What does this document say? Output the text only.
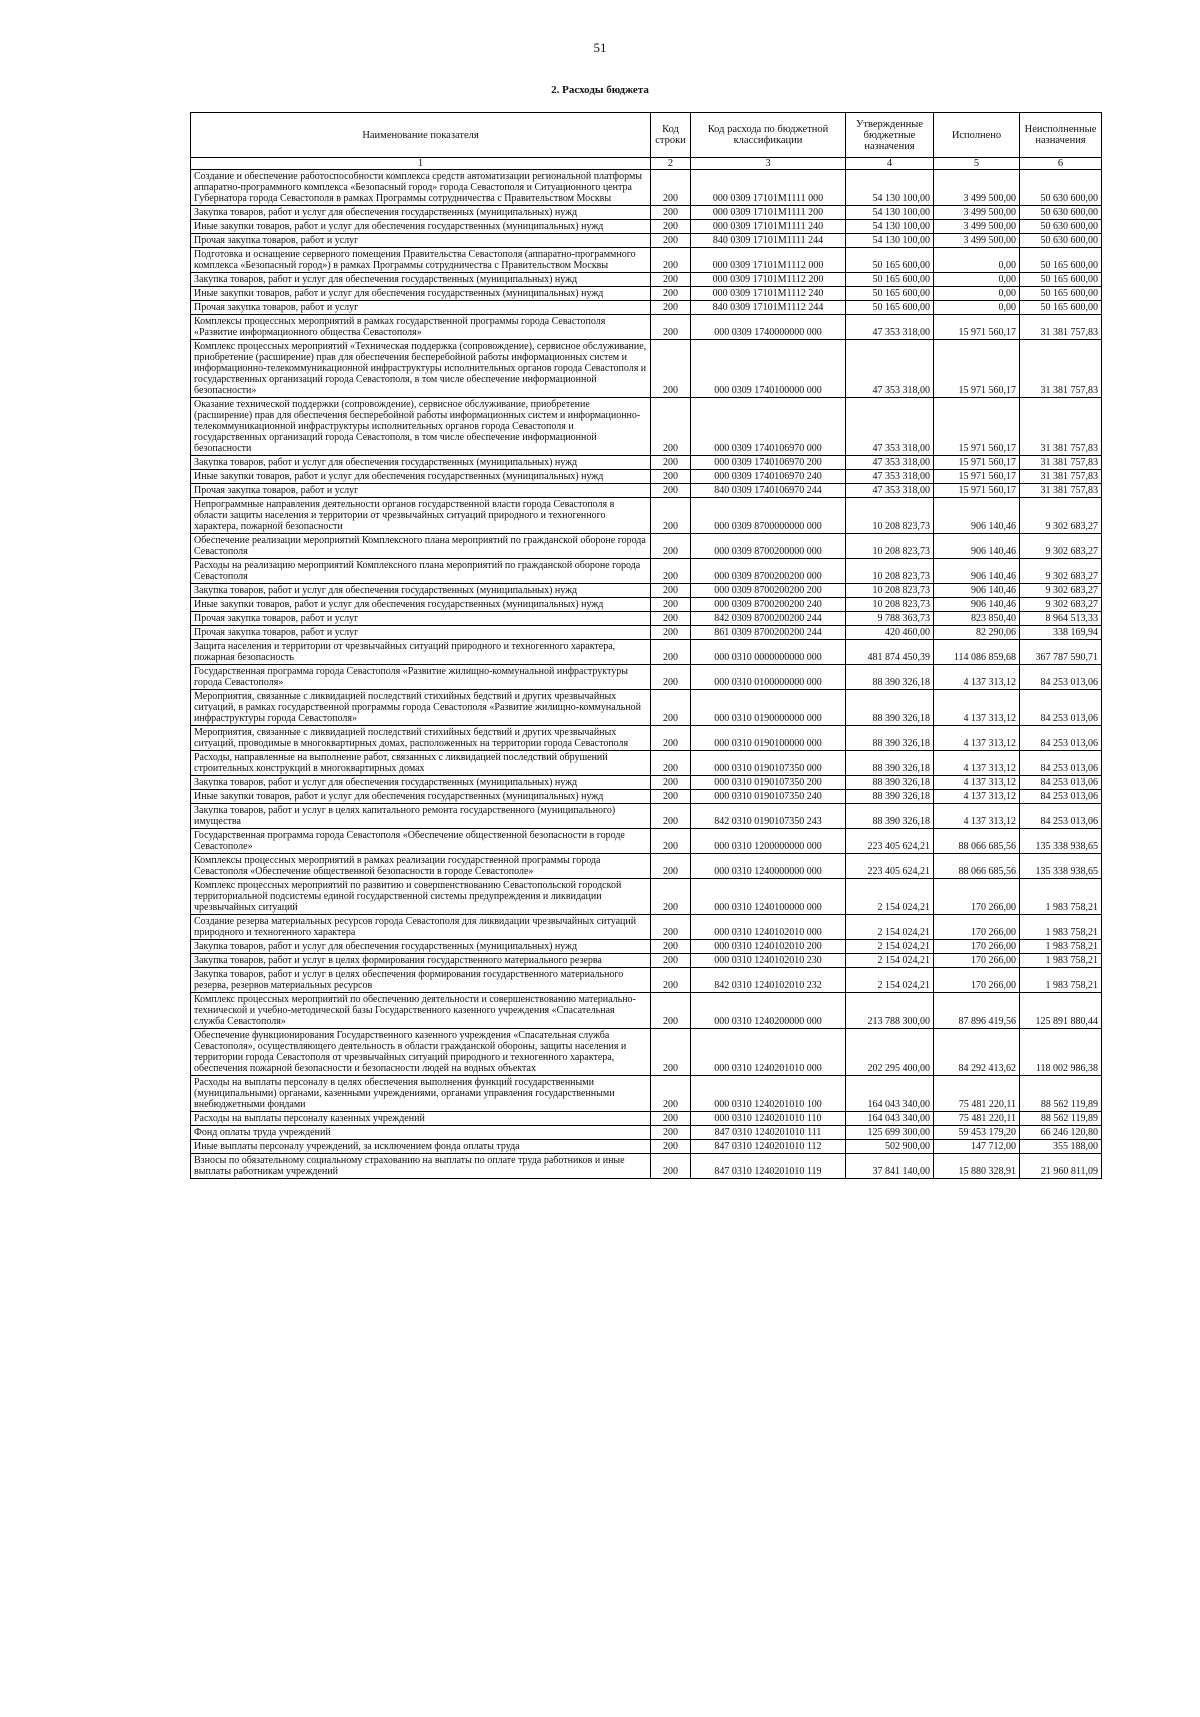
51
2. Расходы бюджета
Наименование показателя	Код строки	Код расхода по бюджетной классификации	Утвержденные бюджетные назначения	Исполнено	Неисполненные назначения
1	2	3	4	5	6
Создание и обеспечение работоспособности комплекса средств автоматизации региональной платформы аппаратно-программного комплекса «Безопасный город» города Севастополя и Ситуационного центра Губернатора города Севастополя в рамках Программы сотрудничества с Правительством Москвы	200	000 0309 17101M1111 000	54 130 100,00	3 499 500,00	50 630 600,00
Закупка товаров, работ и услуг для обеспечения государственных (муниципальных) нужд	200	000 0309 17101M1111 200	54 130 100,00	3 499 500,00	50 630 600,00
Иные закупки товаров, работ и услуг для обеспечения государственных (муниципальных) нужд	200	000 0309 17101M1111 240	54 130 100,00	3 499 500,00	50 630 600,00
Прочая закупка товаров, работ и услуг	200	840 0309 17101M1111 244	54 130 100,00	3 499 500,00	50 630 600,00
Подготовка и оснащение серверного помещения Правительства Севастополя (аппаратно-программного комплекса «Безопасный город») в рамках Программы сотрудничества с Правительством Москвы	200	000 0309 17101M1112 000	50 165 600,00	0,00	50 165 600,00
Закупка товаров, работ и услуг для обеспечения государственных (муниципальных) нужд	200	000 0309 17101M1112 200	50 165 600,00	0,00	50 165 600,00
Иные закупки товаров, работ и услуг для обеспечения государственных (муниципальных) нужд	200	000 0309 17101M1112 240	50 165 600,00	0,00	50 165 600,00
Прочая закупка товаров, работ и услуг	200	840 0309 17101M1112 244	50 165 600,00	0,00	50 165 600,00
Комплексы процессных мероприятий в рамках государственной программы города Севастополя «Развитие информационного общества Севастополя»	200	000 0309 1740000000 000	47 353 318,00	15 971 560,17	31 381 757,83
Комплекс процессных мероприятий «Техническая поддержка (сопровождение), сервисное обслуживание, приобретение (расширение) прав для обеспечения бесперебойной работы информационных систем и информационно-телекоммуникационной инфраструктуры исполнительных органов города Севастополя и государственных организаций города Севастополя, в том числе обеспечение информационной безопасности»	200	000 0309 1740100000 000	47 353 318,00	15 971 560,17	31 381 757,83
Оказание технической поддержки (сопровождение), сервисное обслуживание, приобретение (расширение) прав для обеспечения бесперебойной работы информационных систем и информационно-телекоммуникационной инфраструктуры исполнительных органов города Севастополя и государственных организаций города Севастополя, в том числе обеспечение информационной безопасности	200	000 0309 1740106970 000	47 353 318,00	15 971 560,17	31 381 757,83
Закупка товаров, работ и услуг для обеспечения государственных (муниципальных) нужд	200	000 0309 1740106970 200	47 353 318,00	15 971 560,17	31 381 757,83
Иные закупки товаров, работ и услуг для обеспечения государственных (муниципальных) нужд	200	000 0309 1740106970 240	47 353 318,00	15 971 560,17	31 381 757,83
Прочая закупка товаров, работ и услуг	200	840 0309 1740106970 244	47 353 318,00	15 971 560,17	31 381 757,83
Непрограммные направления деятельности органов государственной власти города Севастополя в области защиты населения и территории от чрезвычайных ситуаций природного и техногенного характера, пожарной безопасности	200	000 0309 8700000000 000	10 208 823,73	906 140,46	9 302 683,27
Обеспечение реализации мероприятий Комплексного плана мероприятий по гражданской обороне города Севастополя	200	000 0309 8700200000 000	10 208 823,73	906 140,46	9 302 683,27
Расходы на реализацию мероприятий Комплексного плана мероприятий по гражданской обороне города Севастополя	200	000 0309 8700200200 000	10 208 823,73	906 140,46	9 302 683,27
Закупка товаров, работ и услуг для обеспечения государственных (муниципальных) нужд	200	000 0309 8700200200 200	10 208 823,73	906 140,46	9 302 683,27
Иные закупки товаров, работ и услуг для обеспечения государственных (муниципальных) нужд	200	000 0309 8700200200 240	10 208 823,73	906 140,46	9 302 683,27
Прочая закупка товаров, работ и услуг	200	842 0309 8700200200 244	9 788 363,73	823 850,40	8 964 513,33
Прочая закупка товаров, работ и услуг	200	861 0309 8700200200 244	420 460,00	82 290,06	338 169,94
Защита населения и территории от чрезвычайных ситуаций природного и техногенного характера, пожарная безопасность	200	000 0310 0000000000 000	481 874 450,39	114 086 859,68	367 787 590,71
Государственная программа города Севастополя «Развитие жилищно-коммунальной инфраструктуры города Севастополя»	200	000 0310 0100000000 000	88 390 326,18	4 137 313,12	84 253 013,06
Мероприятия, связанные с ликвидацией последствий стихийных бедствий и других чрезвычайных ситуаций, в рамках государственной программы города Севастополя «Развитие жилищно-коммунальной инфраструктуры города Севастополя»	200	000 0310 0190000000 000	88 390 326,18	4 137 313,12	84 253 013,06
Мероприятия, связанные с ликвидацией последствий стихийных бедствий и других чрезвычайных ситуаций, проводимые в многоквартирных домах, расположенных на территории города Севастополя	200	000 0310 0190100000 000	88 390 326,18	4 137 313,12	84 253 013,06
Расходы, направленные на выполнение работ, связанных с ликвидацией последствий обрушений строительных конструкций в многоквартирных домах	200	000 0310 0190107350 000	88 390 326,18	4 137 313,12	84 253 013,06
Закупка товаров, работ и услуг для обеспечения государственных (муниципальных) нужд	200	000 0310 0190107350 200	88 390 326,18	4 137 313,12	84 253 013,06
Иные закупки товаров, работ и услуг для обеспечения государственных (муниципальных) нужд	200	000 0310 0190107350 240	88 390 326,18	4 137 313,12	84 253 013,06
Закупка товаров, работ и услуг в целях капитального ремонта государственного (муниципального) имущества	200	842 0310 0190107350 243	88 390 326,18	4 137 313,12	84 253 013,06
Государственная программа города Севастополя «Обеспечение общественной безопасности в городе Севастополе»	200	000 0310 1200000000 000	223 405 624,21	88 066 685,56	135 338 938,65
Комплексы процессных мероприятий в рамках реализации государственной программы города Севастополя «Обеспечение общественной безопасности в городе Севастополе»	200	000 0310 1240000000 000	223 405 624,21	88 066 685,56	135 338 938,65
Комплекс процессных мероприятий по развитию и совершенствованию Севастопольской городской территориальной подсистемы единой государственной системы предупреждения и ликвидации чрезвычайных ситуаций	200	000 0310 1240100000 000	2 154 024,21	170 266,00	1 983 758,21
Создание резерва материальных ресурсов города Севастополя для ликвидации чрезвычайных ситуаций природного и техногенного характера	200	000 0310 1240102010 000	2 154 024,21	170 266,00	1 983 758,21
Закупка товаров, работ и услуг для обеспечения государственных (муниципальных) нужд	200	000 0310 1240102010 200	2 154 024,21	170 266,00	1 983 758,21
Закупка товаров, работ и услуг в целях формирования государственного материального резерва	200	000 0310 1240102010 230	2 154 024,21	170 266,00	1 983 758,21
Закупка товаров, работ и услуг в целях обеспечения формирования государственного материального резерва, резервов материальных ресурсов	200	842 0310 1240102010 232	2 154 024,21	170 266,00	1 983 758,21
Комплекс процессных мероприятий по обеспечению деятельности и совершенствованию материально-технической и учебно-методической базы Государственного казенного учреждения «Спасательная служба Севастополя»	200	000 0310 1240200000 000	213 788 300,00	87 896 419,56	125 891 880,44
Обеспечение функционирования Государственного казенного учреждения «Спасательная служба Севастополя», осуществляющего деятельность в области гражданской обороны, защиты населения и территории города Севастополя от чрезвычайных ситуаций природного и техногенного характера, обеспечения пожарной безопасности и безопасности людей на водных объектах	200	000 0310 1240201010 000	202 295 400,00	84 292 413,62	118 002 986,38
Расходы на выплаты персоналу в целях обеспечения выполнения функций государственными (муниципальными) органами, казенными учреждениями, органами управления государственными внебюджетными фондами	200	000 0310 1240201010 100	164 043 340,00	75 481 220,11	88 562 119,89
Расходы на выплаты персоналу казенных учреждений	200	000 0310 1240201010 110	164 043 340,00	75 481 220,11	88 562 119,89
Фонд оплаты труда учреждений	200	847 0310 1240201010 111	125 699 300,00	59 453 179,20	66 246 120,80
Иные выплаты персоналу учреждений, за исключением фонда оплаты труда	200	847 0310 1240201010 112	502 900,00	147 712,00	355 188,00
Взносы по обязательному социальному страхованию на выплаты по оплате труда работников и иные выплаты работникам учреждений	200	847 0310 1240201010 119	37 841 140,00	15 880 328,91	21 960 811,09
